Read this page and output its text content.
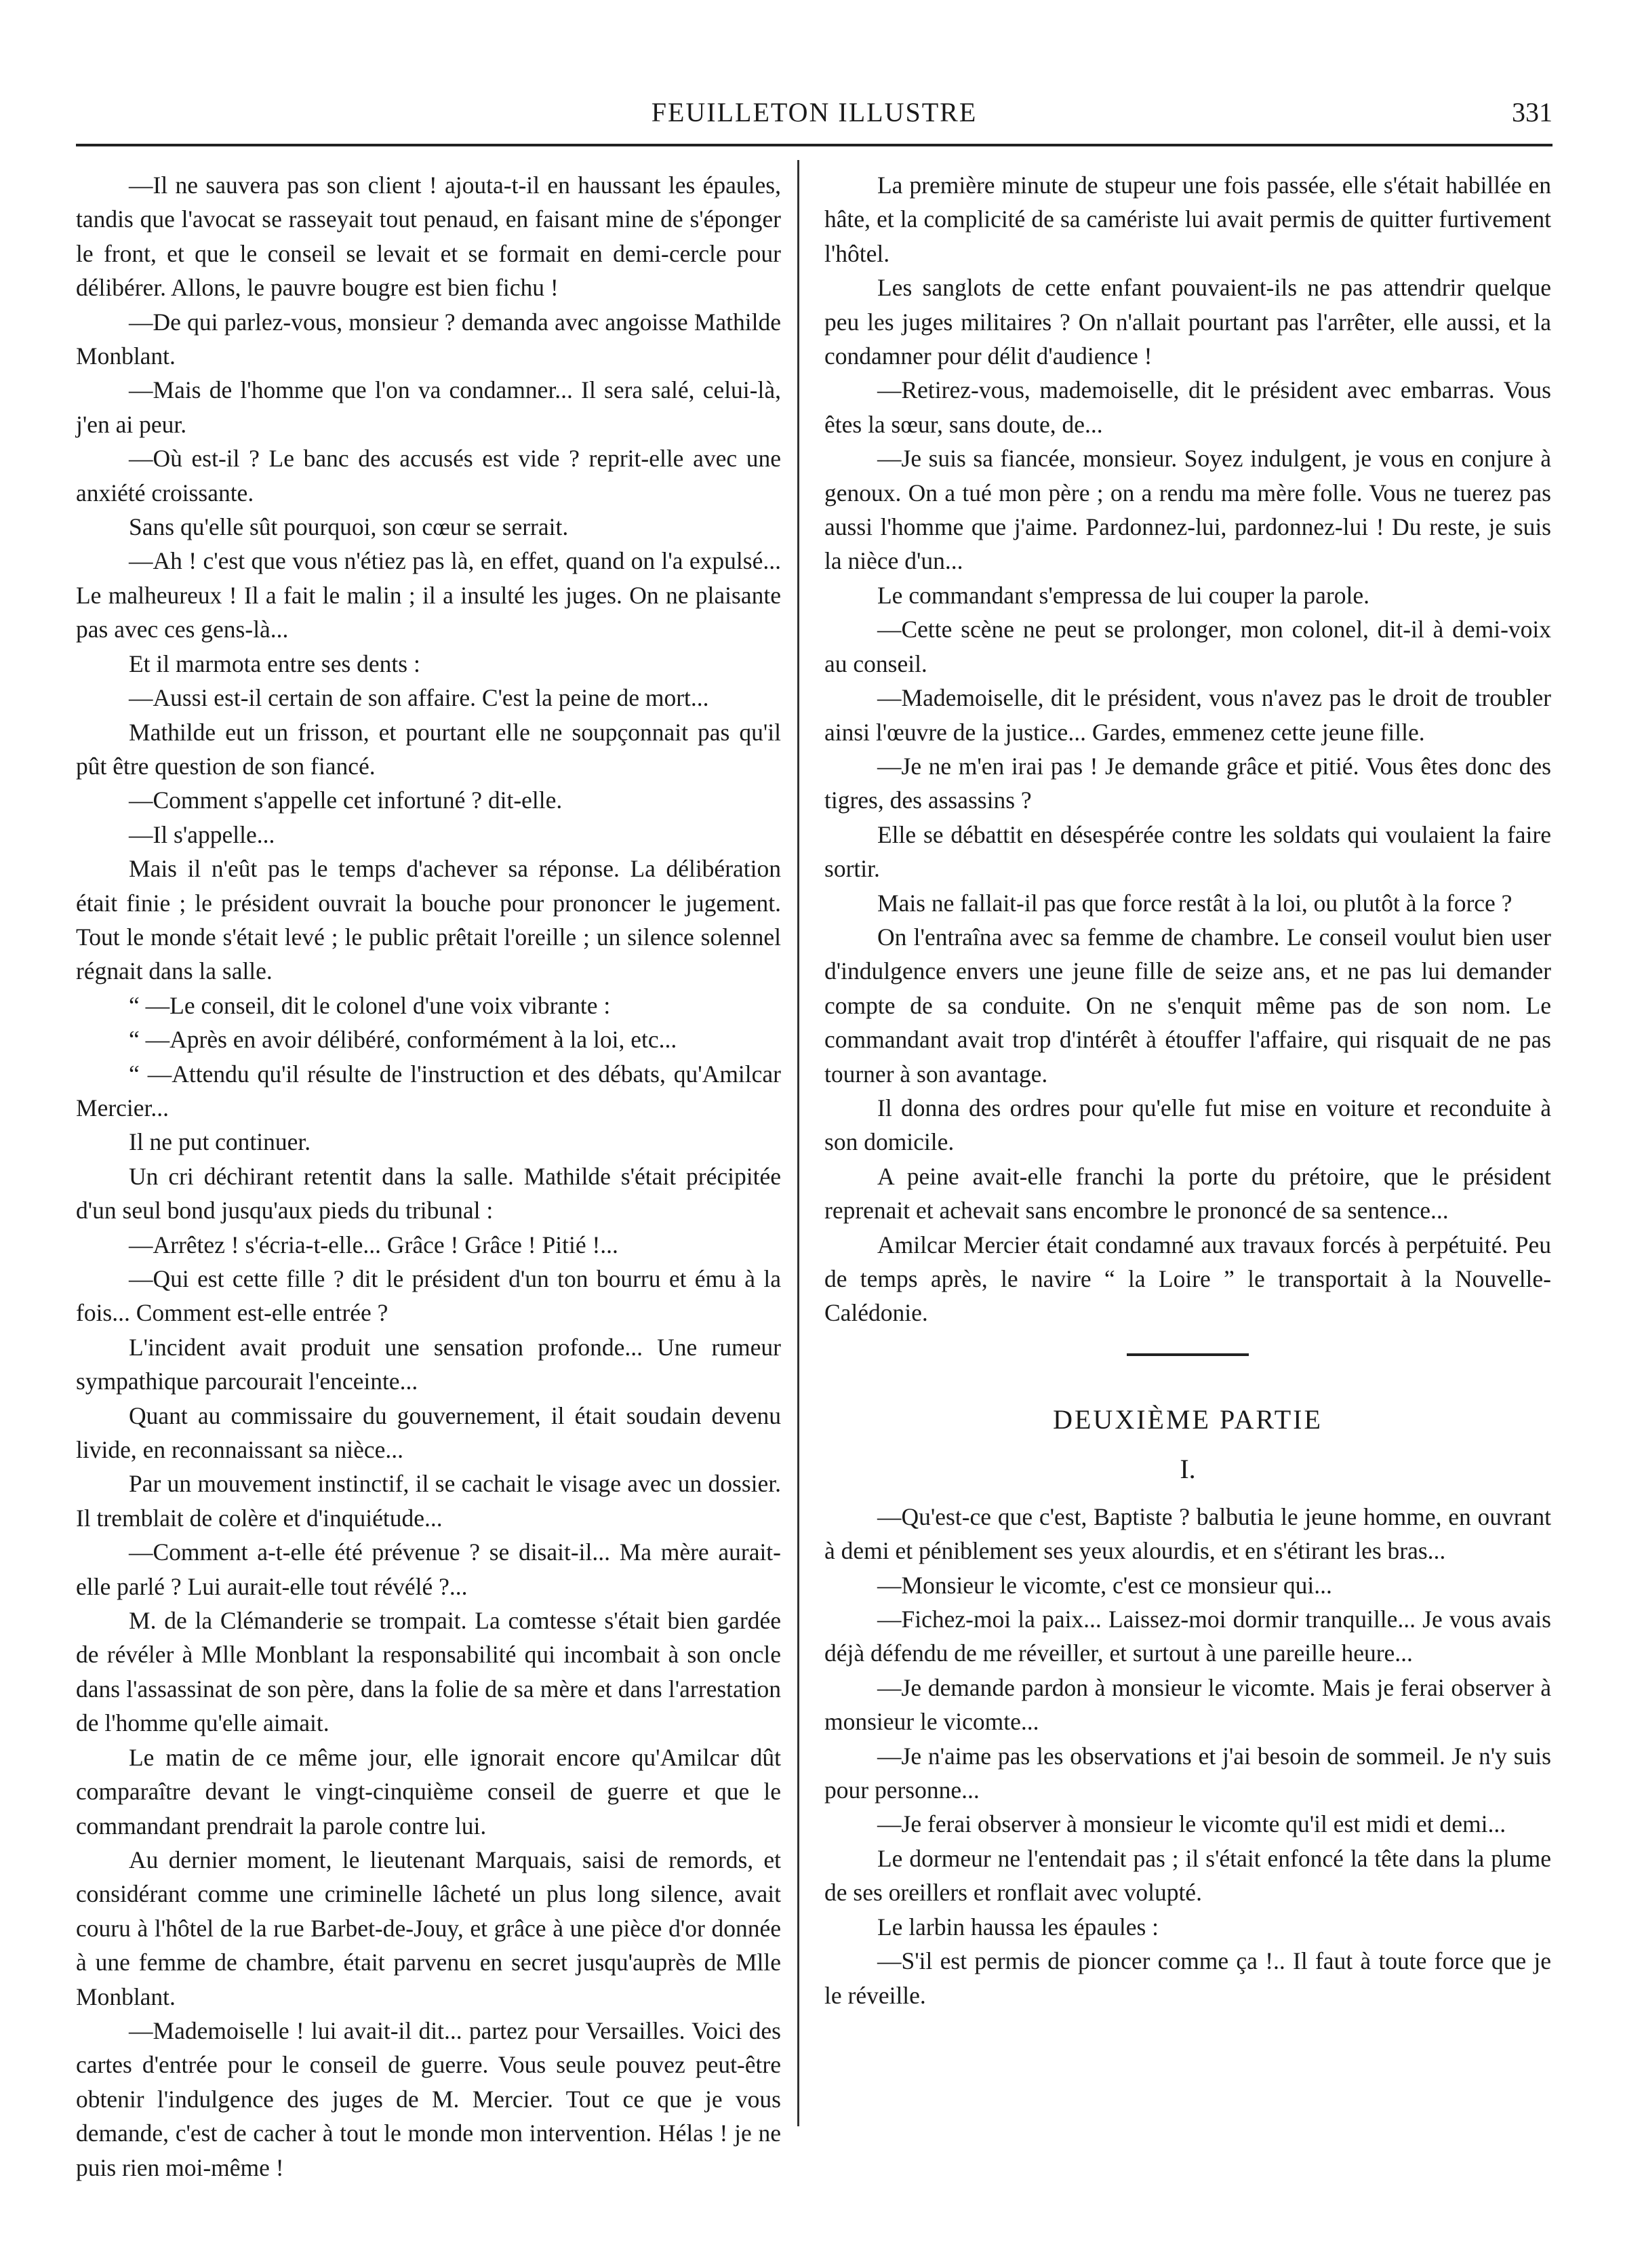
FEUILLETON ILLUSTRE	331

—Il ne sauvera pas son client ! ajouta-t-il en haussant les épaules, tandis que l'avocat se rasseyait tout penaud, en faisant mine de s'éponger le front, et que le conseil se levait et se formait en demi-cercle pour délibérer. Allons, le pauvre bougre est bien fichu !

—De qui parlez-vous, monsieur ? demanda avec angoisse Mathilde Monblant.

—Mais de l'homme que l'on va condamner... Il sera salé, celui-là, j'en ai peur.

—Où est-il ? Le banc des accusés est vide ? reprit-elle avec une anxiété croissante.

Sans qu'elle sût pourquoi, son cœur se serrait.

—Ah ! c'est que vous n'étiez pas là, en effet, quand on l'a expulsé... Le malheureux ! Il a fait le malin ; il a insulté les juges. On ne plaisante pas avec ces gens-là...

Et il marmota entre ses dents :

—Aussi est-il certain de son affaire. C'est la peine de mort...

Mathilde eut un frisson, et pourtant elle ne soupçonnait pas qu'il pût être question de son fiancé.

—Comment s'appelle cet infortuné ? dit-elle.

—Il s'appelle...

Mais il n'eût pas le temps d'achever sa réponse. La délibération était finie ; le président ouvrait la bouche pour prononcer le jugement. Tout le monde s'était levé ; le public prêtait l'oreille ; un silence solennel régnait dans la salle.

“ —Le conseil, dit le colonel d'une voix vibrante :

“ —Après en avoir délibéré, conformément à la loi, etc...

“ —Attendu qu'il résulte de l'instruction et des débats, qu'Amilcar Mercier...

Il ne put continuer.

Un cri déchirant retentit dans la salle. Mathilde s'était précipitée d'un seul bond jusqu'aux pieds du tribunal :

—Arrêtez ! s'écria-t-elle... Grâce ! Grâce ! Pitié !...

—Qui est cette fille ? dit le président d'un ton bourru et ému à la fois... Comment est-elle entrée ?

L'incident avait produit une sensation profonde... Une rumeur sympathique parcourait l'enceinte...

Quant au commissaire du gouvernement, il était soudain devenu livide, en reconnaissant sa nièce...

Par un mouvement instinctif, il se cachait le visage avec un dossier. Il tremblait de colère et d'inquiétude...

—Comment a-t-elle été prévenue ? se disait-il... Ma mère aurait-elle parlé ? Lui aurait-elle tout révélé ?...

M. de la Clémanderie se trompait. La comtesse s'était bien gardée de révéler à Mlle Monblant la responsabilité qui incombait à son oncle dans l'assassinat de son père, dans la folie de sa mère et dans l'arrestation de l'homme qu'elle aimait.

Le matin de ce même jour, elle ignorait encore qu'Amilcar dût comparaître devant le vingt-cinquième conseil de guerre et que le commandant prendrait la parole contre lui.

Au dernier moment, le lieutenant Marquais, saisi de remords, et considérant comme une criminelle lâcheté un plus long silence, avait couru à l'hôtel de la rue Barbet-de-Jouy, et grâce à une pièce d'or donnée à une femme de chambre, était parvenu en secret jusqu'auprès de Mlle Monblant.

—Mademoiselle ! lui avait-il dit... partez pour Versailles. Voici des cartes d'entrée pour le conseil de guerre. Vous seule pouvez peut-être obtenir l'indulgence des juges de M. Mercier. Tout ce que je vous demande, c'est de cacher à tout le monde mon intervention. Hélas ! je ne puis rien moi-même !

La première minute de stupeur une fois passée, elle s'était habillée en hâte, et la complicité de sa camériste lui avait permis de quitter furtivement l'hôtel.

Les sanglots de cette enfant pouvaient-ils ne pas attendrir quelque peu les juges militaires ? On n'allait pourtant pas l'arrêter, elle aussi, et la condamner pour délit d'audience !

—Retirez-vous, mademoiselle, dit le président avec embarras. Vous êtes la sœur, sans doute, de...

—Je suis sa fiancée, monsieur. Soyez indulgent, je vous en conjure à genoux. On a tué mon père ; on a rendu ma mère folle. Vous ne tuerez pas aussi l'homme que j'aime. Pardonnez-lui, pardonnez-lui ! Du reste, je suis la nièce d'un...

Le commandant s'empressa de lui couper la parole.

—Cette scène ne peut se prolonger, mon colonel, dit-il à demi-voix au conseil.

—Mademoiselle, dit le président, vous n'avez pas le droit de troubler ainsi l'œuvre de la justice... Gardes, emmenez cette jeune fille.

—Je ne m'en irai pas ! Je demande grâce et pitié. Vous êtes donc des tigres, des assassins ?

Elle se débattit en désespérée contre les soldats qui voulaient la faire sortir.

Mais ne fallait-il pas que force restât à la loi, ou plutôt à la force ?

On l'entraîna avec sa femme de chambre. Le conseil voulut bien user d'indulgence envers une jeune fille de seize ans, et ne pas lui demander compte de sa conduite. On ne s'enquit même pas de son nom. Le commandant avait trop d'intérêt à étouffer l'affaire, qui risquait de ne pas tourner à son avantage.

Il donna des ordres pour qu'elle fut mise en voiture et reconduite à son domicile.

A peine avait-elle franchi la porte du prétoire, que le président reprenait et achevait sans encombre le prononcé de sa sentence...

Amilcar Mercier était condamné aux travaux forcés à perpétuité. Peu de temps après, le navire “ la Loire ” le transportait à la Nouvelle-Calédonie.

DEUXIÈME PARTIE
I.

—Qu'est-ce que c'est, Baptiste ? balbutia le jeune homme, en ouvrant à demi et péniblement ses yeux alourdis, et en s'étirant les bras...

—Monsieur le vicomte, c'est ce monsieur qui...

—Fichez-moi la paix... Laissez-moi dormir tranquille... Je vous avais déjà défendu de me réveiller, et surtout à une pareille heure...

—Je demande pardon à monsieur le vicomte. Mais je ferai observer à monsieur le vicomte...

—Je n'aime pas les observations et j'ai besoin de sommeil. Je n'y suis pour personne...

—Je ferai observer à monsieur le vicomte qu'il est midi et demi...

Le dormeur ne l'entendait pas ; il s'était enfoncé la tête dans la plume de ses oreillers et ronflait avec volupté.

Le larbin haussa les épaules :

—S'il est permis de pioncer comme ça !.. Il faut à toute force que je le réveille.
